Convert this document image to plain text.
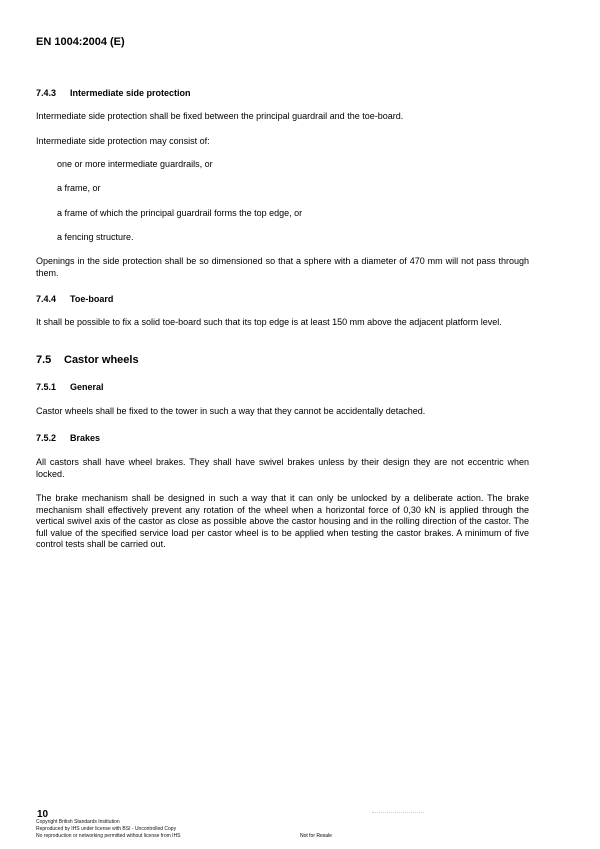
EN 1004:2004 (E)

7.4.3 Intermediate side protection

Intermediate side protection shall be fixed between the principal guardrail and the toe-board.

Intermediate side protection may consist of:

one or more intermediate guardrails, or

a frame, or

a frame of which the principal guardrail forms the top edge, or

a fencing structure.

Openings in the side protection shall be so dimensioned so that a sphere with a diameter of 470 mm will not pass through them.

7.4.4 Toe-board

It shall be possible to fix a solid toe-board such that its top edge is at least 150 mm above the adjacent platform level.

7.5 Castor wheels

7.5.1 General

Castor wheels shall be fixed to the tower in such a way that they cannot be accidentally detached.

7.5.2 Brakes

All castors shall have wheel brakes. They shall have swivel brakes unless by their design they are not eccentric when locked.

The brake mechanism shall be designed in such a way that it can only be unlocked by a deliberate action. The brake mechanism shall effectively prevent any rotation of the wheel when a horizontal force of 0,30 kN is applied through the vertical swivel axis of the castor as close as possible above the castor housing and in the rolling direction of the castor. The full value of the specified service load per castor wheel is to be applied when testing the castor brakes. A minimum of five control tests shall be carried out.

10

Copyright British Standards Institution

Reproduced by IHS under license with BSI - Uncontrolled Copy

No reproduction or networking permitted without license from IHS	Not for Resale
